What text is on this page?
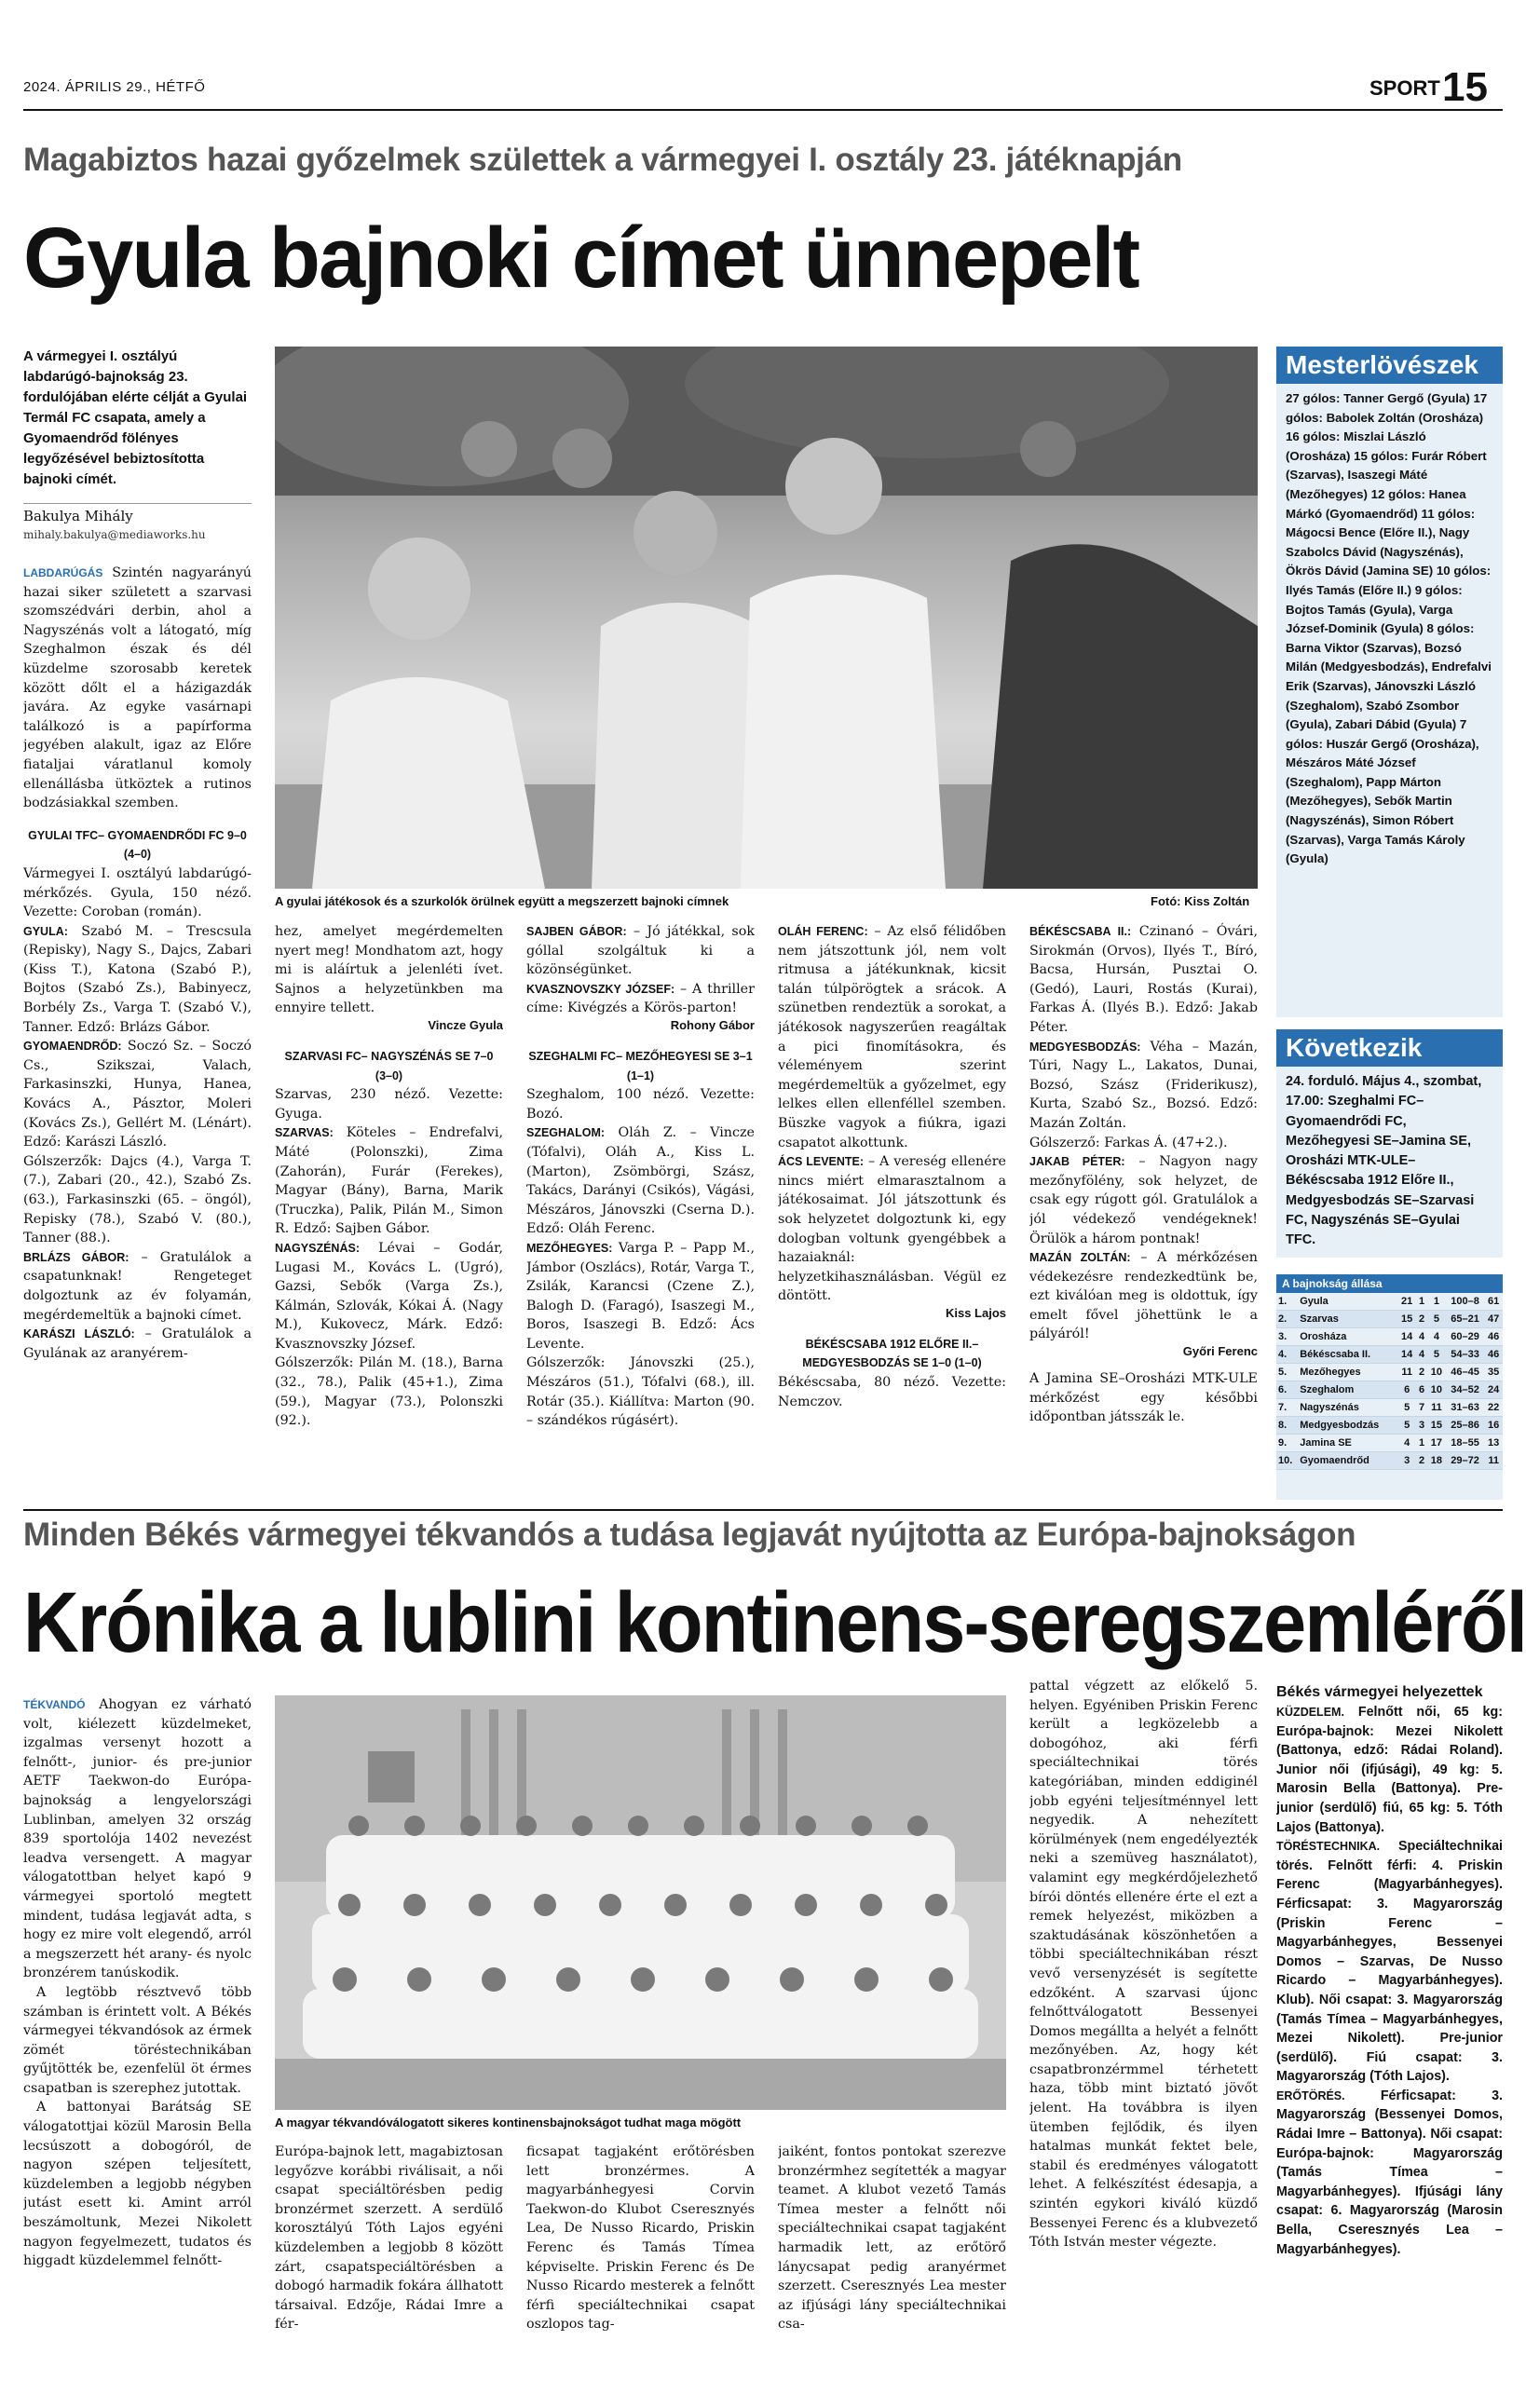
2024. ÁPRILIS 29., HÉTFŐ	SPORT 15
Magabiztos hazai győzelmek születtek a vármegyei I. osztály 23. játéknapján
Gyula bajnoki címet ünnepelt
A vármegyei I. osztályú labdarúgó-bajnokság 23. fordulójában elérte célját a Gyulai Termál FC csapata, amely a Gyomaendrőd fölényes legyőzésével bebiztosította bajnoki címét.
Bakulya Mihály
mihaly.bakulya@mediaworks.hu

LABDARÚGÁS Szintén nagyarányú hazai siker született a szarvasi szomszédvári derbin, ahol a Nagyszénás volt a látogató, míg Szeghalmon észak és dél küzdelme szorosabb keretek között dőlt el a házigazdák javára. Az egyke vasárnapi találkozó is a papírforma jegyében alakult, igaz az Előre fiataljai váratlanul komoly ellenállásba ütköztek a rutinos bodzásiakkal szemben.

GYULAI TFC– GYOMAENDRŐDI FC 9–0 (4–0)

Vármegyei I. osztályú labdarúgó-mérkőzés. Gyula, 150 néző. Vezette: Coroban (román).

GYULA: Szabó M. – Trescsula (Repisky), Nagy S., Dajcs, Zabari (Kiss T.), Katona (Szabó P.), Bojtos (Szabó Zs.), Babinyecz, Borbély Zs., Varga T. (Szabó V.), Tanner. Edző: Brlázs Gábor.

GYOMAENDRŐD: Soczó Sz. – Soczó Cs., Szikszai, Valach, Farkasinszki, Hunya, Hanea, Kovács A., Pásztor, Moleri (Kovács Zs.), Gellért M. (Lénárt). Edző: Karászi László.

Gólszerzők: Dajcs (4.), Varga T. (7.), Zabari (20., 42.), Szabó Zs. (63.), Farkasinszki (65. – öngól), Repisky (78.), Szabó V. (80.), Tanner (88.).

BRLÁZS GÁBOR: – Gratulálok a csapatunknak! Rengeteget dolgoztunk az év folyamán, megérdemeltük a bajnoki címet.

KARÁSZI LÁSZLÓ: – Gratulálok a Gyulának az aranyérem-

A gyulai játékosok és a szurkolók örülnek együtt a megszerzett bajnoki címnek	Fotó: Kiss Zoltán

hez, amelyet megérdemelten nyert meg! Mondhatom azt, hogy mi is aláírtuk a jelenléti ívet. Sajnos a helyzetünkben ma ennyire tellett.

Vincze Gyula
SZARVASI FC– NAGYSZÉNÁS SE 7–0 (3–0)

Szarvas, 230 néző. Vezette: Gyuga.

SZARVAS: Köteles – Endrefalvi, Máté (Polonszki), Zima (Zahorán), Furár (Ferekes), Magyar (Bány), Barna, Marik (Truczka), Palik, Pilán M., Simon R. Edző: Sajben Gábor.

NAGYSZÉNÁS: Lévai – Godár, Lugasi M., Kovács L. (Ugró), Gazsi, Sebők (Varga Zs.), Kálmán, Szlovák, Kókai Á. (Nagy M.), Kukovecz, Márk. Edző: Kvasznovszky József.

Gólszerzők: Pilán M. (18.), Barna (32., 78.), Palik (45+1.), Zima (59.), Magyar (73.), Polonszki (92.).

SAJBEN GÁBOR: – Jó játékkal, sok góllal szolgáltuk ki a közönségünket.

KVASZNOVSZKY JÓZSEF: – A thriller címe: Kivégzés a Körös-parton!

Rohony Gábor
SZEGHALMI FC– MEZŐHEGYESI SE 3–1 (1–1)

Szeghalom, 100 néző. Vezette: Bozó.

SZEGHALOM: Oláh Z. – Vincze (Tófalvi), Oláh A., Kiss L. (Marton), Zsömbörgi, Szász, Takács, Darányi (Csikós), Vágási, Mészáros, Jánovszki (Cserna D.). Edző: Oláh Ferenc.

MEZŐHEGYES: Varga P. – Papp M., Jámbor (Oszlács), Rotár, Varga T., Zsilák, Karancsi (Czene Z.), Balogh D. (Faragó), Isaszegi M., Boros, Isaszegi B. Edző: Ács Levente.

Gólszerzők: Jánovszki (25.), Mészáros (51.), Tófalvi (68.), ill. Rotár (35.). Kiállítva: Marton (90. – szándékos rúgásért).

OLÁH FERENC: – Az első félidőben nem játszottunk jól, nem volt ritmusa a játékunknak, kicsit talán túlpörögtek a srácok. A szünetben rendeztük a sorokat, a játékosok nagyszerűen reagáltak a pici finomításokra, és véleményem szerint megérdemeltük a győzelmet, egy lelkes ellen ellenféllel szemben. Büszke vagyok a fiúkra, igazi csapatot alkottunk.

ÁCS LEVENTE: – A vereség ellenére nincs miért elmarasztalnom a játékosaimat. Jól játszottunk és sok helyzetet dolgoztunk ki, egy dologban voltunk gyengébbek a hazaiaknál: helyzetkihasználásban. Végül ez döntött.

Kiss Lajos
BÉKÉSCSABA 1912 ELŐRE II.– MEDGYESBODZÁS SE 1–0 (1–0)

Békéscsaba, 80 néző. Vezette: Nemczov.

BÉKÉSCSABA II.: Czinanó – Óvári, Sirokmán (Orvos), Ilyés T., Bíró, Bacsa, Hursán, Pusztai O. (Gedó), Lauri, Rostás (Kurai), Farkas Á. (Ilyés B.). Edző: Jakab Péter.

MEDGYESBODZÁS: Véha – Mazán, Túri, Nagy L., Lakatos, Dunai, Bozsó, Szász (Friderikusz), Kurta, Szabó Sz., Bozsó. Edző: Mazán Zoltán.

Gólszerző: Farkas Á. (47+2.).

JAKAB PÉTER: – Nagyon nagy mezőnyfölény, sok helyzet, de csak egy rúgott gól. Gratulálok a jól védekező vendégeknek! Örülök a három pontnak!

MAZÁN ZOLTÁN: – A mérkőzésen védekezésre rendezkedtünk be, ezt kiválóan meg is oldottuk, így emelt fővel jöhettünk le a pályáról!

Győri Ferenc

A Jamina SE–Orosházi MTK-ULE mérkőzést egy későbbi időpontban játsszák le.

Mesterlövészek
27 gólos: Tanner Gergő (Gyula) 17 gólos: Babolek Zoltán (Orosháza) 16 gólos: Miszlai László (Orosháza) 15 gólos: Furár Róbert (Szarvas), Isaszegi Máté (Mezőhegyes) 12 gólos: Hanea Márkó (Gyomaendrőd) 11 gólos: Mágocsi Bence (Előre II.), Nagy Szabolcs Dávid (Nagyszénás), Ökrös Dávid (Jamina SE) 10 gólos: Ilyés Tamás (Előre II.) 9 gólos: Bojtos Tamás (Gyula), Varga József-Dominik (Gyula) 8 gólos: Barna Viktor (Szarvas), Bozsó Milán (Medgyesbodzás), Endrefalvi Erik (Szarvas), Jánovszki László (Szeghalom), Szabó Zsombor (Gyula), Zabari Dábid (Gyula) 7 gólos: Huszár Gergő (Orosháza), Mészáros Máté József (Szeghalom), Papp Márton (Mezőhegyes), Sebők Martin (Nagyszénás), Simon Róbert (Szarvas), Varga Tamás Károly (Gyula)
Következik
24. forduló. Május 4., szombat, 17.00: Szeghalmi FC–Gyomaendrődi FC, Mezőhegyesi SE–Jamina SE, Orosházi MTK-ULE–Békéscsaba 1912 Előre II., Medgyesbodzás SE–Szarvasi FC, Nagyszénás SE–Gyulai TFC.
A bajnokság állása
1.	Gyula	21	1	1	100–8	61
2.	Szarvas	15	2	5	65–21	47
3.	Orosháza	14	4	4	60–29	46
4.	Békéscsaba II.	14	4	5	54–33	46
5.	Mezőhegyes	11	2	10	46–45	35
6.	Szeghalom	6	6	10	34–52	24
7.	Nagyszénás	5	7	11	31–63	22
8.	Medgyesbodzás	5	3	15	25–86	16
9.	Jamina SE	4	1	17	18–55	13
10.	Gyomaendrőd	3	2	18	29–72	11
Minden Békés vármegyei tékvandós a tudása legjavát nyújtotta az Európa-bajnokságon
Krónika a lublini kontinens-seregszemléről

TÉKVANDÓ Ahogyan ez várható volt, kiélezett küzdelmeket, izgalmas versenyt hozott a felnőtt-, junior- és pre-junior AETF Taekwon-do Európa-bajnokság a lengyelországi Lublinban, amelyen 32 ország 839 sportolója 1402 nevezést leadva versengett. A magyar válogatottban helyet kapó 9 vármegyei sportoló megtett mindent, tudása legjavát adta, s hogy ez mire volt elegendő, arról a megszerzett hét arany- és nyolc bronzérem tanúskodik.

A legtöbb résztvevő több számban is érintett volt. A Békés vármegyei tékvandósok az érmek zömét töréstechnikában gyűjtötték be, ezenfelül öt érmes csapatban is szerephez jutottak.

A battonyai Barátság SE válogatottjai közül Marosin Bella lecsúszott a dobogóról, de nagyon szépen teljesített, küzdelemben a legjobb négyben jutást esett ki. Amint arról beszámoltunk, Mezei Nikolett nagyon fegyelmezett, tudatos és higgadt küzdelemmel felnőtt-

A magyar tékvandóválogatott sikeres kontinensbajnokságot tudhat maga mögött
Európa-bajnok lett, magabiztosan legyőzve korábbi riválisait, a női csapat speciáltörésben pedig bronzérmet szerzett. A serdülő korosztályú Tóth Lajos egyéni küzdelemben a legjobb 8 között zárt, csapatspeciáltörésben a dobogó harmadik fokára állhatott társaival. Edzője, Rádai Imre a fér-
ficsapat tagjaként erőtörésben lett bronzérmes. A magyarbánhegyesi Corvin Taekwon-do Klubot Cseresznyés Lea, De Nusso Ricardo, Priskin Ferenc és Tamás Tímea képviselte. Priskin Ferenc és De Nusso Ricardo mesterek a felnőtt férfi speciáltechnikai csapat oszlopos tag-
jaiként, fontos pontokat szerezve bronzérmhez segítették a magyar teamet. A klubot vezető Tamás Tímea mester a felnőtt női speciáltechnikai csapat tagjaként harmadik lett, az erőtörő lánycsapat pedig aranyérmet szerzett. Cseresznyés Lea mester az ifjúsági lány speciáltechnikai csa-
pattal végzett az előkelő 5. helyen. Egyéniben Priskin Ferenc került a legközelebb a dobogóhoz, aki férfi speciáltechnikai törés kategóriában, minden eddiginél jobb egyéni teljesítménnyel lett negyedik. A nehezített körülmények (nem engedélyezték neki a szemüveg használatot), valamint egy megkérdőjelezhető bírói döntés ellenére érte el ezt a remek helyezést, miközben a szaktudásának köszönhetően a többi speciáltechnikában részt vevő versenyzését is segítette edzőként. A szarvasi újonc felnőttválogatott Bessenyei Domos megállta a helyét a felnőtt mezőnyében. Az, hogy két csapatbronzérmmel térhetett haza, több mint biztató jövőt jelent. Ha továbbra is ilyen ütemben fejlődik, és ilyen hatalmas munkát fektet bele, stabil és eredményes válogatott lehet. A felkészítést édesapja, a szintén egykori kiváló küzdő Bessenyei Ferenc és a klubvezető Tóth István mester végezte.
Békés vármegyei helyezettek

KÜZDELEM. Felnőtt női, 65 kg: Európa-bajnok: Mezei Nikolett (Battonya, edző: Rádai Roland). Junior női (ifjúsági), 49 kg: 5. Marosin Bella (Battonya). Pre-junior (serdülő) fiú, 65 kg: 5. Tóth Lajos (Battonya).

TÖRÉSTECHNIKA. Speciáltechnikai törés. Felnőtt férfi: 4. Priskin Ferenc (Magyarbánhegyes). Férficsapat: 3. Magyarország (Priskin Ferenc – Magyarbánhegyes, Bessenyei Domos – Szarvas, De Nusso Ricardo – Magyarbánhegyes). Klub). Női csapat: 3. Magyarország (Tamás Tímea – Magyarbánhegyes, Mezei Nikolett). Pre-junior (serdülő). Fiú csapat: 3. Magyarország (Tóth Lajos).

ERŐTÖRÉS.	Férficsapat: 3. Magyarország (Bessenyei Domos, Rádai Imre – Battonya). Női csapat: Európa-bajnok: Magyarország (Tamás Tímea – Magyarbánhegyes). Ifjúsági lány csapat: 6. Magyarország (Marosin Bella, Cseresznyés Lea – Magyarbánhegyes).
